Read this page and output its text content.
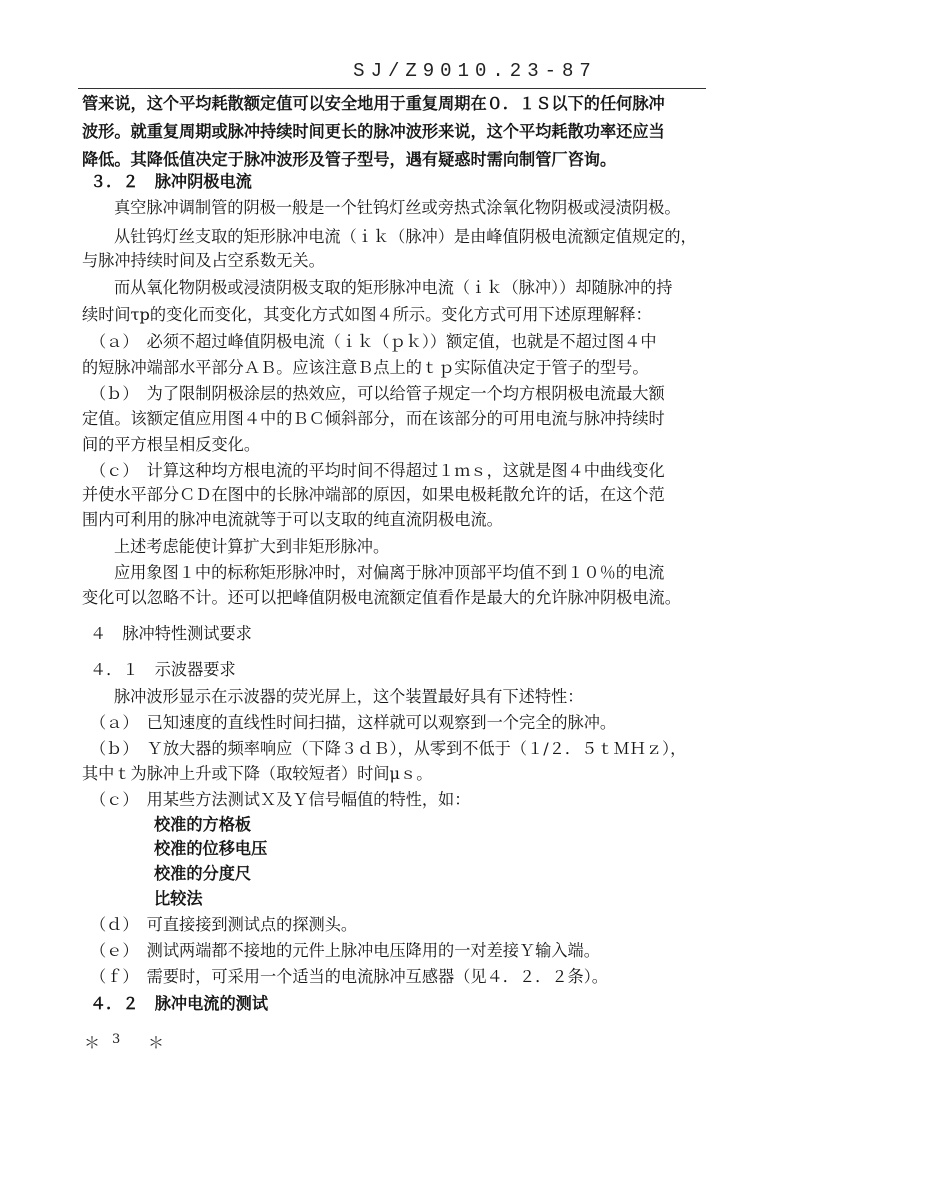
SJ/Z9010.23-87
管来说，这个平均耗散额定值可以安全地用于重复周期在０．１Ｓ以下的任何脉冲
波形。就重复周期或脉冲持续时间更长的脉冲波形来说，这个平均耗散功率还应当
降低。其降低值决定于脉冲波形及管子型号，遇有疑惑时需向制管厂咨询。
３．２　脉冲阴极电流
真空脉冲调制管的阴极一般是一个钍钨灯丝或旁热式涂氧化物阴极或浸渍阴极。
从钍钨灯丝支取的矩形脉冲电流（ｉｋ（脉冲）是由峰值阴极电流额定值规定的，
与脉冲持续时间及占空系数无关。
而从氧化物阴极或浸渍阴极支取的矩形脉冲电流（ｉｋ（脉冲））却随脉冲的持
续时间τp的变化而变化，其变化方式如图４所示。变化方式可用下述原理解释：
（ａ）　必须不超过峰值阴极电流（ｉｋ（ｐｋ））额定值，也就是不超过图４中
的短脉冲端部水平部分ＡＢ。应该注意Ｂ点上的ｔｐ实际值决定于管子的型号。
（ｂ）　为了限制阴极涂层的热效应，可以给管子规定一个均方根阴极电流最大额
定值。该额定值应用图４中的ＢＣ倾斜部分，而在该部分的可用电流与脉冲持续时
间的平方根呈相反变化。
（ｃ）　计算这种均方根电流的平均时间不得超过１ｍｓ，这就是图４中曲线变化
并使水平部分ＣＤ在图中的长脉冲端部的原因，如果电极耗散允许的话，在这个范
围内可利用的脉冲电流就等于可以支取的纯直流阴极电流。
上述考虑能使计算扩大到非矩形脉冲。
应用象图１中的标称矩形脉冲时，对偏离于脉冲顶部平均值不到１０％的电流
变化可以忽略不计。还可以把峰值阴极电流额定值看作是最大的允许脉冲阴极电流。
４　脉冲特性测试要求
４．１　示波器要求
脉冲波形显示在示波器的荧光屏上，这个装置最好具有下述特性：
（ａ）　已知速度的直线性时间扫描，这样就可以观察到一个完全的脉冲。
（ｂ）　Ｙ放大器的频率响应（下降３ｄＢ），从零到不低于（１/２．５ｔＭＨｚ），
其中ｔ为脉冲上升或下降（取较短者）时间μｓ。
（ｃ）　用某些方法测试Ｘ及Ｙ信号幅值的特性，如：
校准的方格板
校准的位移电压
校准的分度尺
比较法
（ｄ）　可直接接到测试点的探测头。
（ｅ）　测试两端都不接地的元件上脉冲电压降用的一对差接Ｙ输入端。
（ｆ）　需要时，可采用一个适当的电流脉冲互感器（见４．２．２条）。
４．２　脉冲电流的测试
＊ 3 ＊
